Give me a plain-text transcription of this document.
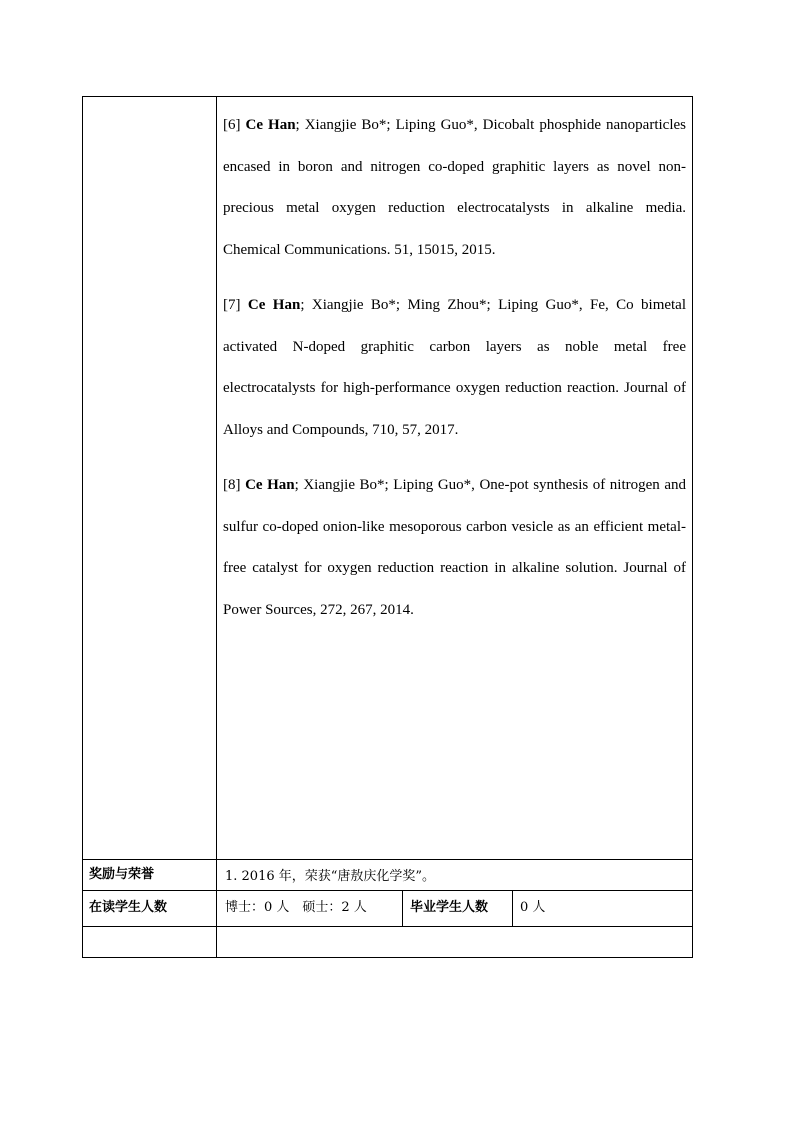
[6] Ce Han; Xiangjie Bo*; Liping Guo*, Dicobalt phosphide nanoparticles encased in boron and nitrogen co-doped graphitic layers as novel non-precious metal oxygen reduction electrocatalysts in alkaline media. Chemical Communications. 51, 15015, 2015.

[7] Ce Han; Xiangjie Bo*; Ming Zhou*; Liping Guo*, Fe, Co bimetal activated N-doped graphitic carbon layers as noble metal free electrocatalysts for high-performance oxygen reduction reaction. Journal of Alloys and Compounds, 710, 57, 2017.

[8] Ce Han; Xiangjie Bo*; Liping Guo*, One-pot synthesis of nitrogen and sulfur co-doped onion-like mesoporous carbon vesicle as an efficient metal-free catalyst for oxygen reduction reaction in alkaline solution. Journal of Power Sources, 272, 267, 2014.

奖励与荣誉	1. 2016 年，荣获“唐敖庆化学奖”。
在读学生人数	博士：0 人　硕士：2 人	毕业学生人数 0 人
